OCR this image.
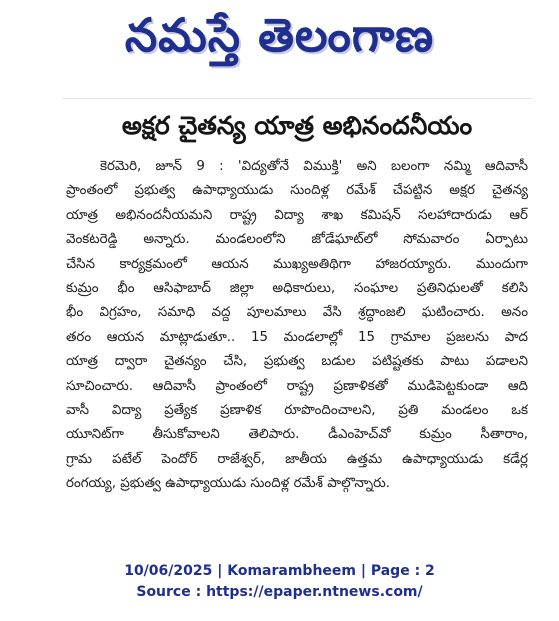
నమస్తే తెలంగాణ
అక్షర చైతన్య యాత్ర అభినందనీయం
కెరమెరి, జూన్ 9 : 'విద్యతోనే విముక్తి' అని బలంగా నమ్మి ఆదివాసీ
ప్రాంతంలో ప్రభుత్వ ఉపాధ్యాయుడు సుందిళ్ల రమేశ్ చేపట్టిన అక్షర చైతన్య
యాత్ర అభినందనీయమని రాష్ట్ర విద్యా శాఖ కమిషన్ సలహాదారుడు ఆర్
వెంకటరెడ్డి అన్నారు. మండలంలోని జోడేఘాట్‌లో సోమవారం ఏర్పాటు
చేసిన కార్యక్రమంలో ఆయన ముఖ్యఅతిథిగా హాజరయ్యారు. ముందుగా
కుమ్రం భీం ఆసిఫాబాద్ జిల్లా అధికారులు, సంఘాల ప్రతినిధులతో కలిసి
భీం విగ్రహం, సమాధి వద్ద పూలమాలు వేసి శ్రద్ధాంజలి ఘటించారు. అనం
తరం ఆయన మాట్లాడుతూ.. 15 మండలాల్లో 15 గ్రామాల ప్రజలను పాద
యాత్ర ద్వారా చైతన్యం చేసి, ప్రభుత్వ బడుల పటిష్టతకు పాటు పడాలని
సూచించారు. ఆదివాసీ ప్రాంతంలో రాష్ట్ర ప్రణాళికతో ముడిపెట్టకుండా ఆది
వాసీ విద్యా ప్రత్యేక ప్రణాళిక రూపొందించాలని, ప్రతి మండలం ఒక
యూనిట్‌గా తీసుకోవాలని తెలిపారు. డీఎంహెచ్‌వో కుమ్రం సీతారాం,
గ్రామ పటేల్ పెందోర్ రాజేశ్వర్, జాతీయ ఉత్తమ ఉపాధ్యాయుడు కడేర్ల
రంగయ్య, ప్రభుత్వ ఉపాధ్యాయుడు సుందిళ్ల రమేశ్ పాల్గొన్నారు.
10/06/2025 | Komarambheem | Page : 2
Source : https://epaper.ntnews.com/
